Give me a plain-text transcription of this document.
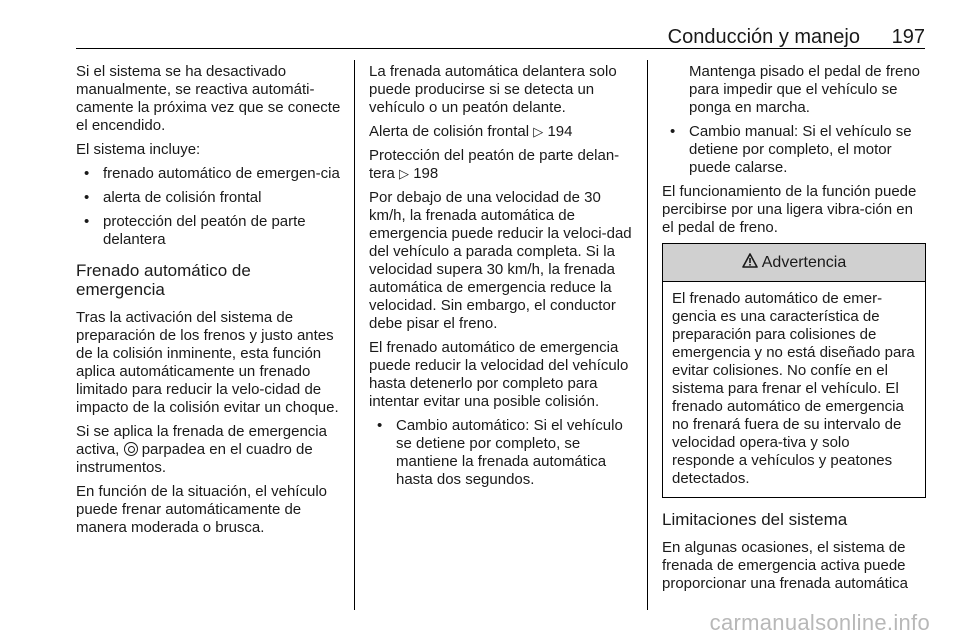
Conducción y manejo 197

Si el sistema se ha desactivado manualmente, se reactiva automáti-camente la próxima vez que se conecte el encendido.

El sistema incluye:

• frenado automático de emergen-cia
• alerta de colisión frontal
• protección del peatón de parte delantera
Frenado automático de emergencia

Tras la activación del sistema de preparación de los frenos y justo antes de la colisión inminente, esta función aplica automáticamente un frenado limitado para reducir la velo-cidad de impacto de la colisión evitar un choque.

Si se aplica la frenada de emergencia activa, parpadea en el cuadro de instrumentos.

En función de la situación, el vehículo puede frenar automáticamente de manera moderada o brusca.

La frenada automática delantera solo puede producirse si se detecta un vehículo o un peatón delante.

Alerta de colisión frontal ▷ 194

Protección del peatón de parte delan-tera ▷ 198

Por debajo de una velocidad de 30 km/h, la frenada automática de emergencia puede reducir la veloci-dad del vehículo a parada completa. Si la velocidad supera 30 km/h, la frenada automática de emergencia reduce la velocidad. Sin embargo, el conductor debe pisar el freno.

El frenado automático de emergencia puede reducir la velocidad del vehículo hasta detenerlo por completo para intentar evitar una posible colisión.

• Cambio automático: Si el vehículo se detiene por completo, se mantiene la frenada automática hasta dos segundos.
Mantenga pisado el pedal de freno para impedir que el vehículo se ponga en marcha.
• Cambio manual: Si el vehículo se detiene por completo, el motor puede calarse.

El funcionamiento de la función puede percibirse por una ligera vibra-ción en el pedal de freno.

Advertencia

El frenado automático de emer-gencia es una característica de preparación para colisiones de emergencia y no está diseñado para evitar colisiones. No confíe en el sistema para frenar el vehículo. El frenado automático de emergencia no frenará fuera de su intervalo de velocidad opera-tiva y solo responde a vehículos y peatones detectados.

Limitaciones del sistema

En algunas ocasiones, el sistema de frenada de emergencia activa puede proporcionar una frenada automática

carmanualsonline.info
